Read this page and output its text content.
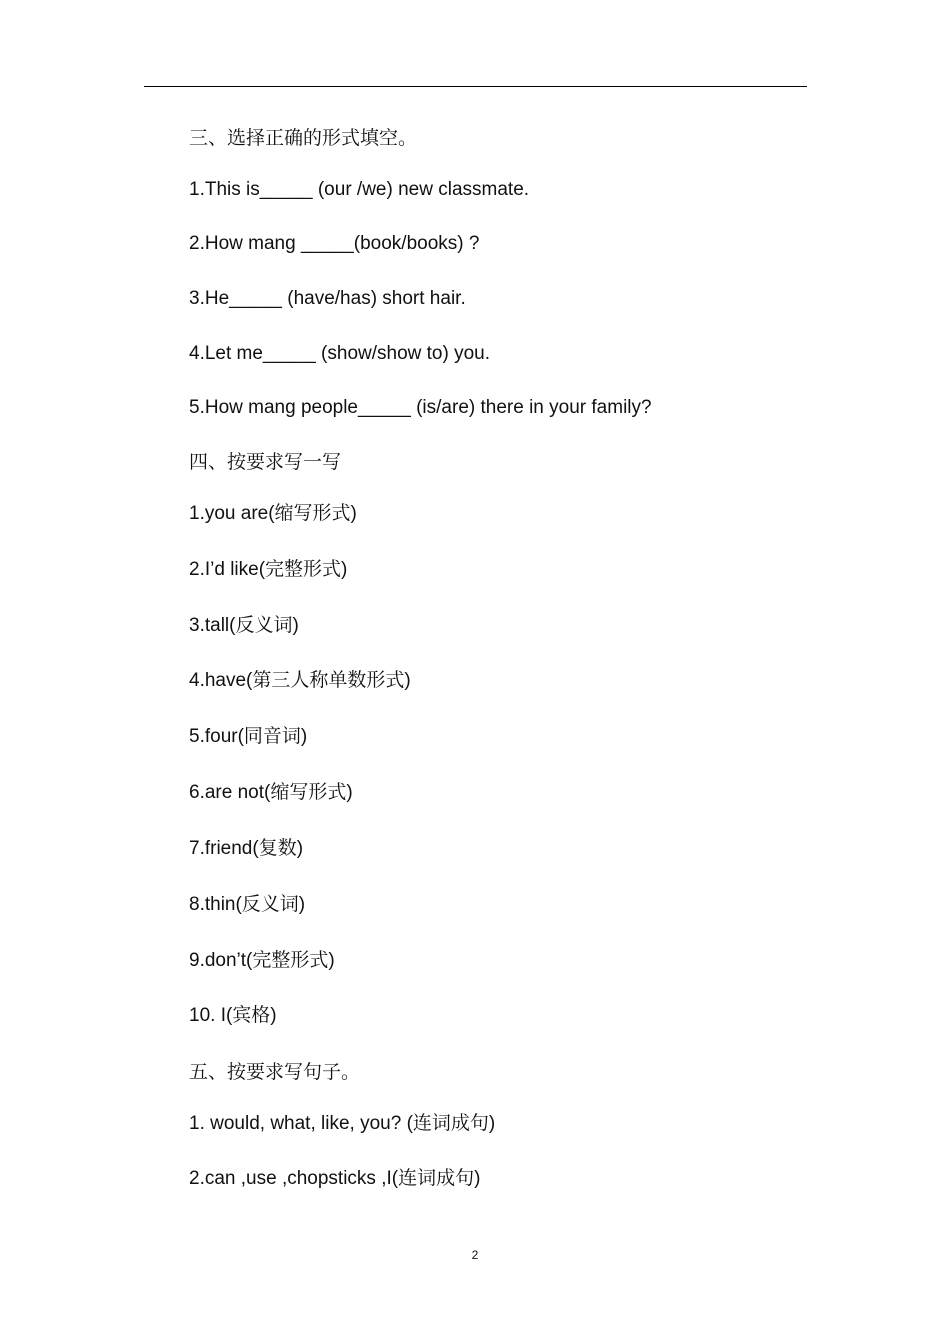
三、选择正确的形式填空。
1.This is_____ (our /we) new classmate.
2.How mang _____(book/books) ?
3.He_____ (have/has) short hair.
4.Let me_____ (show/show to) you.
5.How mang people_____ (is/are) there in your family?
四、按要求写一写
1.you are(缩写形式)
2.I’d like(完整形式)
3.tall(反义词)
4.have(第三人称单数形式)
5.four(同音词)
6.are not(缩写形式)
7.friend(复数)
8.thin(反义词)
9.don’t(完整形式)
10. I(宾格)
五、按要求写句子。
1. would, what, like, you? (连词成句)
2.can ,use ,chopsticks ,I(连词成句)
2
